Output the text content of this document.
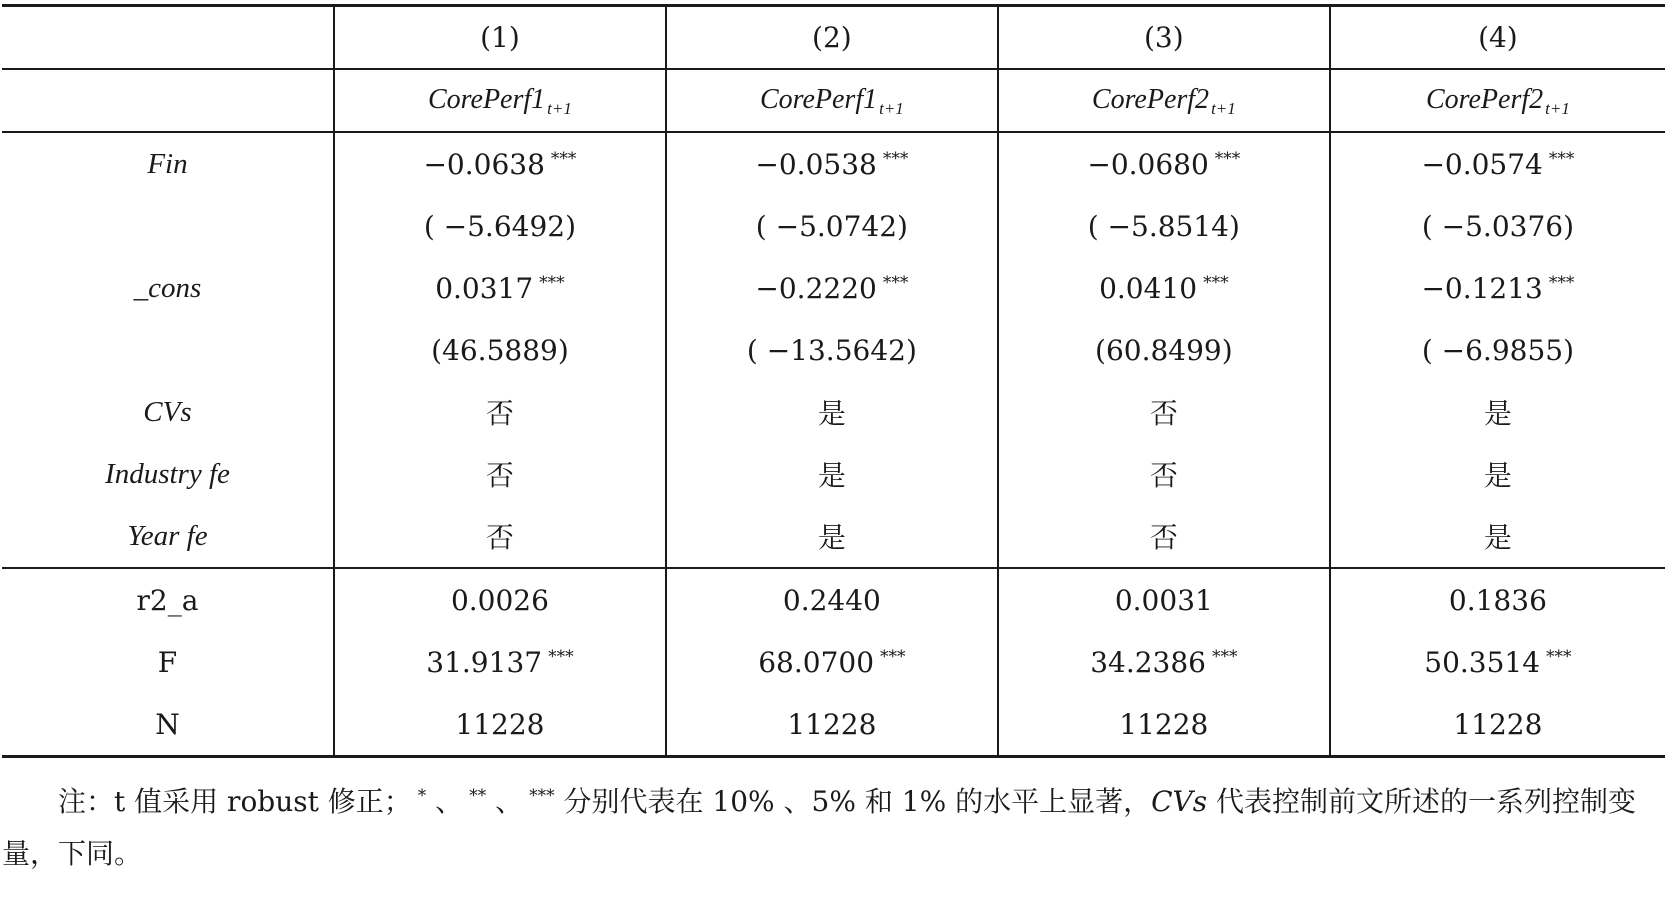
	(1)	(2)	(3)	(4)
	CorePerf1 $_{t+1}$	CorePerf1 $_{t+1}$	CorePerf2 $_{t+1}$	CorePerf2 $_{t+1}$
Fin	−0.0638 ***	−0.0538 ***	−0.0680 ***	−0.0574 ***
	( −5.6492)	( −5.0742)	( −5.8514)	( −5.0376)
_cons	0.0317 ***	−0.2220 ***	0.0410 ***	−0.1213 ***
	(46.5889)	( −13.5642)	(60.8499)	( −6.9855)
CVs	否	是	否	是
Industry fe	否	是	否	是
Year fe	否	是	否	是
r2_a	0.0026	0.2440	0.0031	0.1836
F	31.9137 ***	68.0700 ***	34.2386 ***	50.3514 ***
N	11228	11228	11228	11228
注：t 值采用 robust 修正； * 、 ** 、 *** 分别代表在 10% 、5% 和 1% 的水平上显著，CVs 代表控制前文所述的一系列控制变量，下同。
